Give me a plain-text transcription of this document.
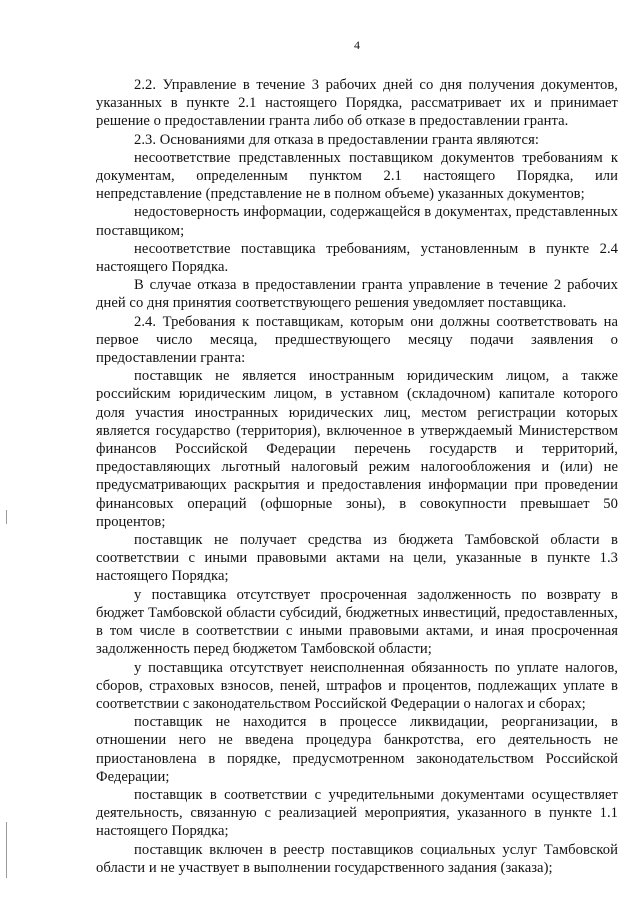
4

2.2. Управление в течение 3 рабочих дней со дня получения документов, указанных в пункте 2.1 настоящего Порядка, рассматривает их и принимает решение о предоставлении гранта либо об отказе в предоставлении гранта.

2.3. Основаниями для отказа в предоставлении гранта являются:

несоответствие представленных поставщиком документов требованиям к документам, определенным пунктом 2.1 настоящего Порядка, или непредставление (представление не в полном объеме) указанных документов;

недостоверность информации, содержащейся в документах, представленных поставщиком;

несоответствие поставщика требованиям, установленным в пункте 2.4 настоящего Порядка.

В случае отказа в предоставлении гранта управление в течение 2 рабочих дней со дня принятия соответствующего решения уведомляет поставщика.

2.4. Требования к поставщикам, которым они должны соответствовать на первое число месяца, предшествующего месяцу подачи заявления о предоставлении гранта:

поставщик не является иностранным юридическим лицом, а также российским юридическим лицом, в уставном (складочном) капитале которого доля участия иностранных юридических лиц, местом регистрации которых является государство (территория), включенное в утверждаемый Министерством финансов Российской Федерации перечень государств и территорий, предоставляющих льготный налоговый режим налогообложения и (или) не предусматривающих раскрытия и предоставления информации при проведении финансовых операций (офшорные зоны), в совокупности превышает 50 процентов;

поставщик не получает средства из бюджета Тамбовской области в соответствии с иными правовыми актами на цели, указанные в пункте 1.3 настоящего Порядка;

у поставщика отсутствует просроченная задолженность по возврату в бюджет Тамбовской области субсидий, бюджетных инвестиций, предоставленных, в том числе в соответствии с иными правовыми актами, и иная просроченная задолженность перед бюджетом Тамбовской области;

у поставщика отсутствует неисполненная обязанность по уплате налогов, сборов, страховых взносов, пеней, штрафов и процентов, подлежащих уплате в соответствии с законодательством Российской Федерации о налогах и сборах;

поставщик не находится в процессе ликвидации, реорганизации, в отношении него не введена процедура банкротства, его деятельность не приостановлена в порядке, предусмотренном законодательством Российской Федерации;

поставщик в соответствии с учредительными документами осуществляет деятельность, связанную с реализацией мероприятия, указанного в пункте 1.1 настоящего Порядка;

поставщик включен в реестр поставщиков социальных услуг Тамбовской области и не участвует в выполнении государственного задания (заказа);
